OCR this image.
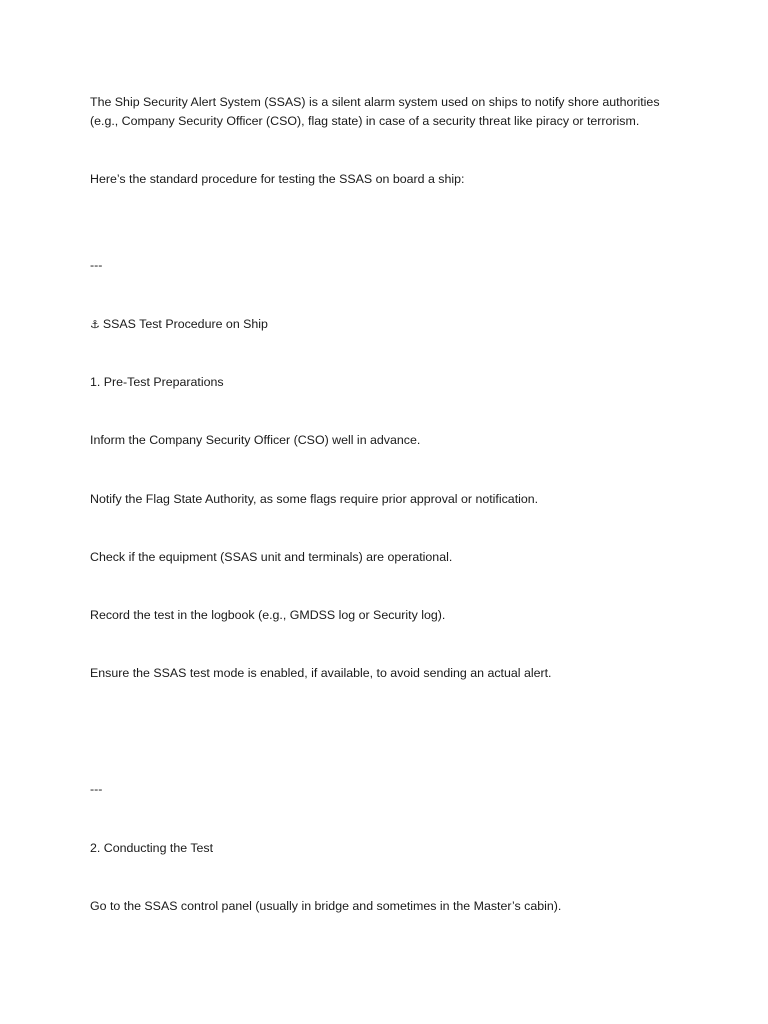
The Ship Security Alert System (SSAS) is a silent alarm system used on ships to notify shore authorities
(e.g., Company Security Officer (CSO), flag state) in case of a security threat like piracy or terrorism.

Here’s the standard procedure for testing the SSAS on board a ship:

---

⚓ SSAS Test Procedure on Ship

1. Pre-Test Preparations

Inform the Company Security Officer (CSO) well in advance.

Notify the Flag State Authority, as some flags require prior approval or notification.

Check if the equipment (SSAS unit and terminals) are operational.

Record the test in the logbook (e.g., GMDSS log or Security log).

Ensure the SSAS test mode is enabled, if available, to avoid sending an actual alert.

---

2. Conducting the Test

Go to the SSAS control panel (usually in bridge and sometimes in the Master’s cabin).
